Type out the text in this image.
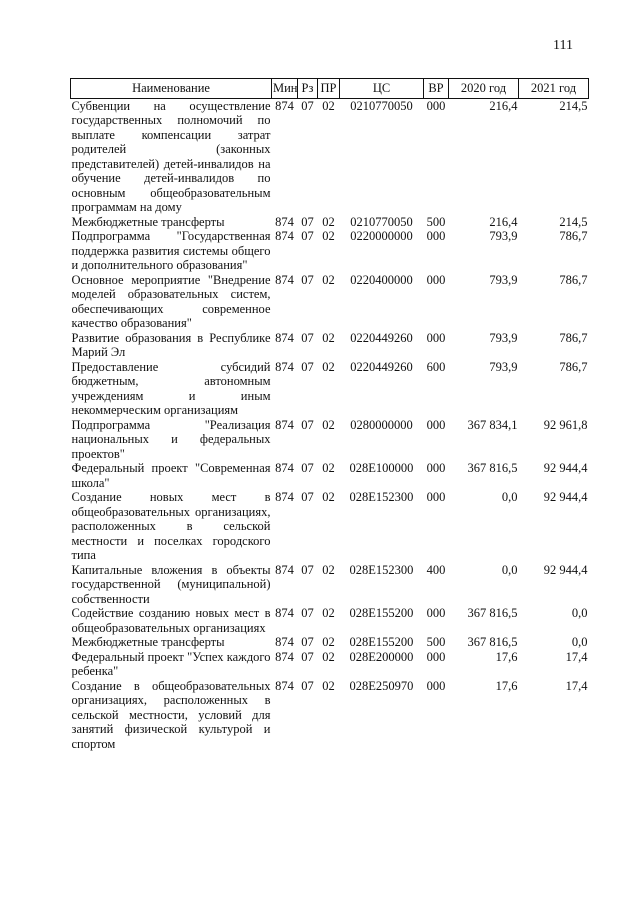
111
Наименование	Мин	Рз	ПР	ЦС	ВР	2020 год	2021 год
Субвенции на осуществление государственных полномочий по выплате компенсации затрат родителей (законных представителей) детей-инвалидов на обучение детей-инвалидов по основным общеобразовательным программам на дому	874	07	02	0210770050	000	216,4	214,5
Межбюджетные трансферты	874	07	02	0210770050	500	216,4	214,5
Подпрограмма "Государственная поддержка развития системы общего и дополнительного образования"	874	07	02	0220000000	000	793,9	786,7
Основное мероприятие "Внедрение моделей образовательных систем, обеспечивающих современное качество образования"	874	07	02	0220400000	000	793,9	786,7
Развитие образования в Республике Марий Эл	874	07	02	0220449260	000	793,9	786,7
Предоставление субсидий бюджетным, автономным учреждениям и иным некоммерческим организациям	874	07	02	0220449260	600	793,9	786,7
Подпрограмма "Реализация национальных и федеральных проектов"	874	07	02	0280000000	000	367 834,1	92 961,8
Федеральный проект "Современная школа"	874	07	02	028E100000	000	367 816,5	92 944,4
Создание новых мест в общеобразовательных организациях, расположенных в сельской местности и поселках городского типа	874	07	02	028E152300	000	0,0	92 944,4
Капитальные вложения в объекты государственной (муниципальной) собственности	874	07	02	028E152300	400	0,0	92 944,4
Содействие созданию новых мест в общеобразовательных организациях	874	07	02	028E155200	000	367 816,5	0,0
Межбюджетные трансферты	874	07	02	028E155200	500	367 816,5	0,0
Федеральный проект "Успех каждого ребенка"	874	07	02	028E200000	000	17,6	17,4
Создание в общеобразовательных организациях, расположенных в сельской местности, условий для занятий физической культурой и спортом	874	07	02	028E250970	000	17,6	17,4
